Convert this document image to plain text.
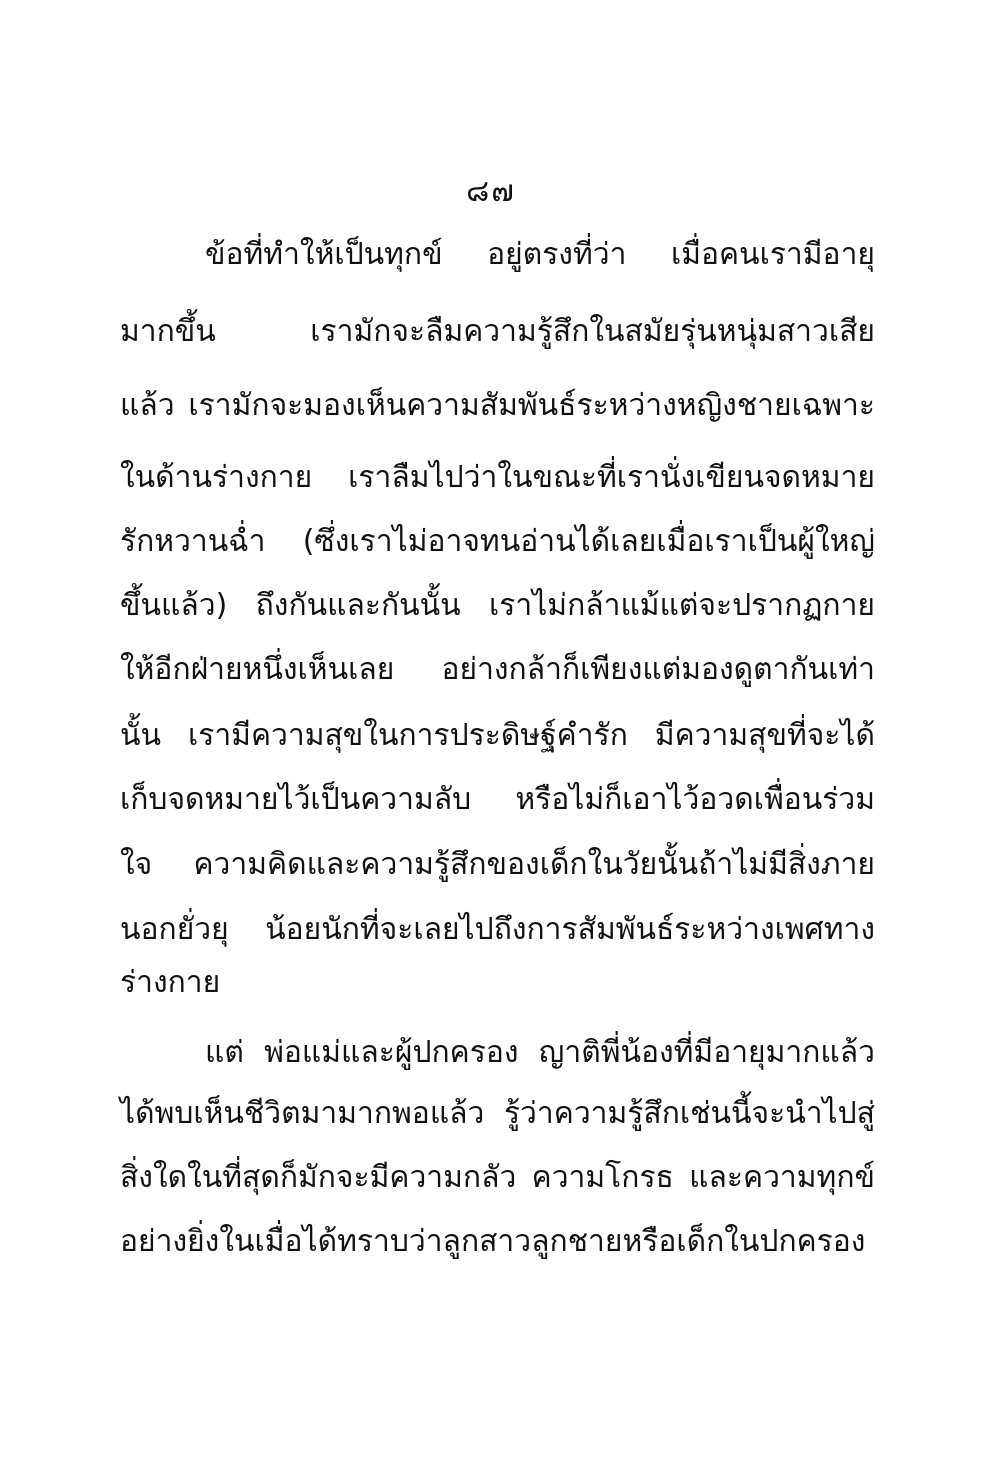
๘๗
ข้อที่ทำให้เป็นทุกข์ อยู่ตรงที่ว่า เมื่อคนเรามีอายุ
มากขึ้น เรามักจะลืมความรู้สึกในสมัยรุ่นหนุ่มสาวเสีย
แล้ว เรามักจะมองเห็นความสัมพันธ์ระหว่างหญิงชายเฉพาะ
ในด้านร่างกาย เราลืมไปว่าในขณะที่เรานั่งเขียนจดหมาย
รักหวานฉ่ำ (ซึ่งเราไม่อาจทนอ่านได้เลยเมื่อเราเป็นผู้ใหญ่
ขึ้นแล้ว) ถึงกันและกันนั้น เราไม่กล้าแม้แต่จะปรากฏกาย
ให้อีกฝ่ายหนึ่งเห็นเลย อย่างกล้าก็เพียงแต่มองดูตากันเท่า
นั้น เรามีความสุขในการประดิษฐ์คำรัก มีความสุขที่จะได้
เก็บจดหมายไว้เป็นความลับ หรือไม่ก็เอาไว้อวดเพื่อนร่วม
ใจ ความคิดและความรู้สึกของเด็กในวัยนั้นถ้าไม่มีสิ่งภาย
นอกยั่วยุ น้อยนักที่จะเลยไปถึงการสัมพันธ์ระหว่างเพศทาง
ร่างกาย
แต่ พ่อแม่และผู้ปกครอง ญาติพี่น้องที่มีอายุมากแล้ว
ได้พบเห็นชีวิตมามากพอแล้ว รู้ว่าความรู้สึกเช่นนี้จะนำไปสู่
สิ่งใดในที่สุดก็มักจะมีความกลัว ความโกรธ และความทุกข์
อย่างยิ่งในเมื่อได้ทราบว่าลูกสาวลูกชายหรือเด็กในปกครอง
